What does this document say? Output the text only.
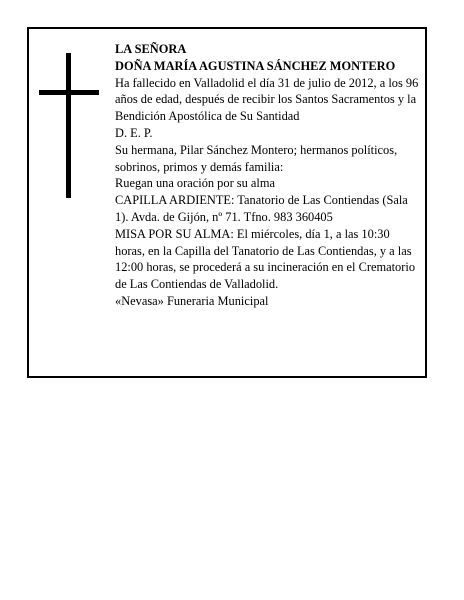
LA SEÑORA

DOÑA MARÍA AGUSTINA SÁNCHEZ MONTERO

Ha fallecido en Valladolid el día 31 de julio de 2012, a los 96 años de edad, después de recibir los Santos Sacramentos y la Bendición Apostólica de Su Santidad

D. E. P.

Su hermana, Pilar Sánchez Montero; hermanos políticos, sobrinos, primos y demás familia:

Ruegan una oración por su alma

CAPILLA ARDIENTE: Tanatorio de Las Contiendas (Sala 1). Avda. de Gijón, nº 71. Tfno. 983 360405

MISA POR SU ALMA: El miércoles, día 1, a las 10:30 horas, en la Capilla del Tanatorio de Las Contiendas, y a las 12:00 horas, se procederá a su incineración en el Crematorio de Las Contiendas de Valladolid.

«Nevasa» Funeraria Municipal
